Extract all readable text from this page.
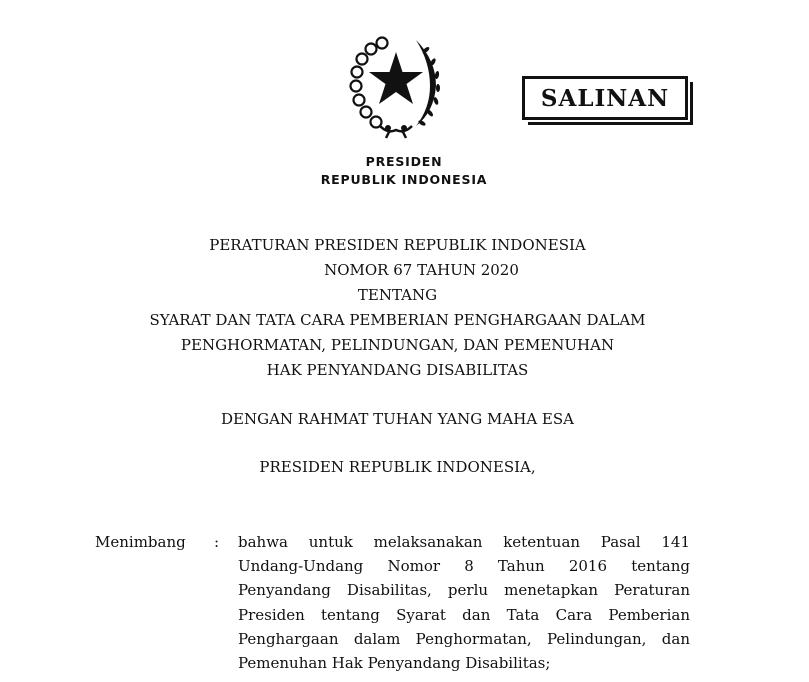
SALINAN
PRESIDEN
REPUBLIK INDONESIA
PERATURAN PRESIDEN REPUBLIK INDONESIA
NOMOR 67 TAHUN 2020
TENTANG
SYARAT DAN TATA CARA PEMBERIAN PENGHARGAAN DALAM
PENGHORMATAN, PELINDUNGAN, DAN PEMENUHAN
HAK PENYANDANG DISABILITAS
DENGAN RAHMAT TUHAN YANG MAHA ESA
PRESIDEN REPUBLIK INDONESIA,
Menimbang : bahwa untuk melaksanakan ketentuan Pasal 141
Undang-Undang Nomor 8 Tahun 2016 tentang
Penyandang Disabilitas, perlu menetapkan Peraturan
Presiden tentang Syarat dan Tata Cara Pemberian
Penghargaan dalam Penghormatan, Pelindungan, dan
Pemenuhan Hak Penyandang Disabilitas;
